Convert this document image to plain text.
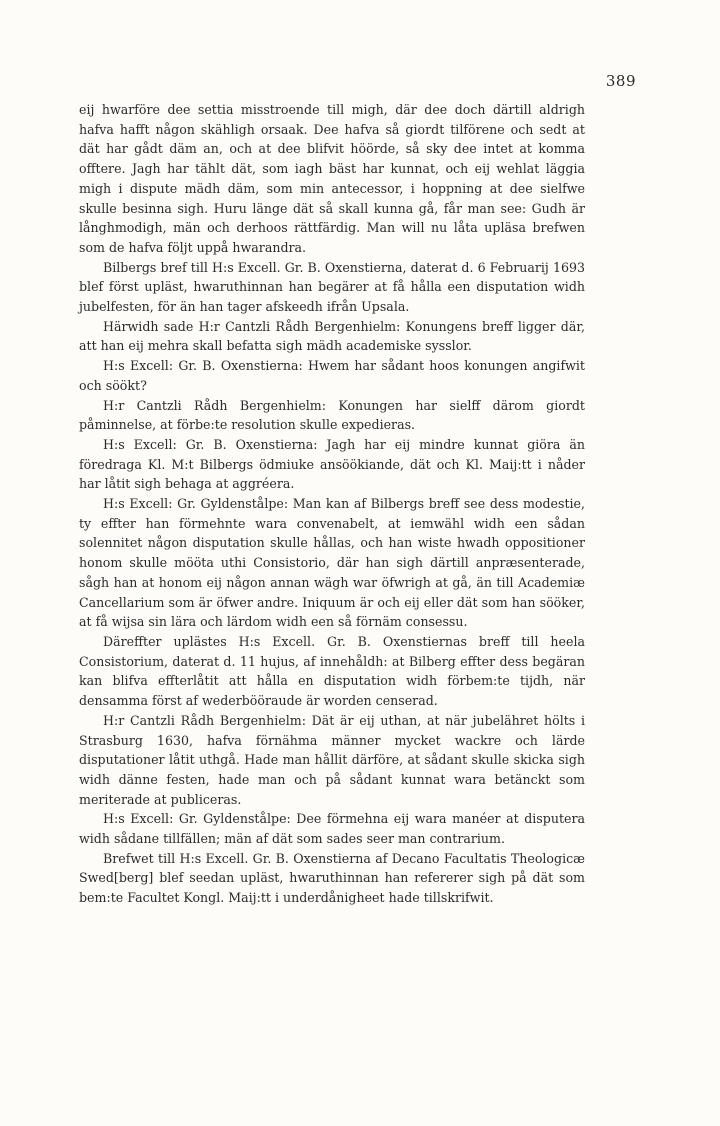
389

eij hwarföre dee settia misstroende till migh, där dee doch därtill aldrigh hafva hafft någon skähligh orsaak. Dee hafva så giordt tilförene och sedt at dät har gådt däm an, och at dee blifvit höörde, så sky dee intet at komma offtere. Jagh har tählt dät, som iagh bäst har kunnat, och eij wehlat läggia migh i dispute mädh däm, som min antecessor, i hoppning at dee sielfwe skulle besinna sigh. Huru länge dät så skall kunna gå, får man see: Gudh är långhmodigh, män och derhoos rättfärdig. Man will nu låta upläsa brefwen som de hafva följt uppå hwarandra.

Bilbergs bref till H:s Excell. Gr. B. Oxenstierna, daterat d. 6 Februarij 1693 blef först upläst, hwaruthinnan han begärer at få hålla een disputation widh jubelfesten, för än han tager afskeedh ifrån Upsala.

Härwidh sade H:r Cantzli Rådh Bergenhielm: Konungens breff ligger där, att han eij mehra skall befatta sigh mädh academiske sysslor.

H:s Excell: Gr. B. Oxenstierna: Hwem har sådant hoos konungen angifwit och söökt?

H:r Cantzli Rådh Bergenhielm: Konungen har sielff därom giordt påminnelse, at förbe:te resolution skulle expedieras.

H:s Excell: Gr. B. Oxenstierna: Jagh har eij mindre kunnat giöra än föredraga Kl. M:t Bilbergs ödmiuke ansöökiande, dät och Kl. Maij:tt i nåder har låtit sigh behaga at aggréera.

H:s Excell: Gr. Gyldenstålpe: Man kan af Bilbergs breff see dess modestie, ty effter han förmehnte wara convenabelt, at iemwähl widh een sådan solennitet någon disputation skulle hållas, och han wiste hwadh oppositioner honom skulle mööta uthi Consistorio, där han sigh därtill anpræsenterade, sågh han at honom eij någon annan wägh war öfwrigh at gå, än till Academiæ Cancellarium som är öfwer andre. Iniquum är och eij eller dät som han sööker, at få wijsa sin lära och lärdom widh een så förnäm consessu.

Däreffter uplästes H:s Excell. Gr. B. Oxenstiernas breff till heela Consistorium, daterat d. 11 hujus, af innehåldh: at Bilberg effter dess begäran kan blifva effterlåtit att hålla en disputation widh förbem:te tijdh, när densamma först af wederbööraude är worden censerad.

H:r Cantzli Rådh Bergenhielm: Dät är eij uthan, at när jubelähret hölts i Strasburg 1630, hafva förnähma männer mycket wackre och lärde disputationer låtit uthgå. Hade man hållit därföre, at sådant skulle skicka sigh widh dänne festen, hade man och på sådant kunnat wara betänckt som meriterade at publiceras.

H:s Excell: Gr. Gyldenstålpe: Dee förmehna eij wara manéer at disputera widh sådane tillfällen; män af dät som sades seer man contrarium.

Brefwet till H:s Excell. Gr. B. Oxenstierna af Decano Facultatis Theologicæ Swed[berg] blef seedan upläst, hwaruthinnan han refererer sigh på dät som bem:te Facultet Kongl. Maij:tt i underdånigheet hade tillskrifwit.
